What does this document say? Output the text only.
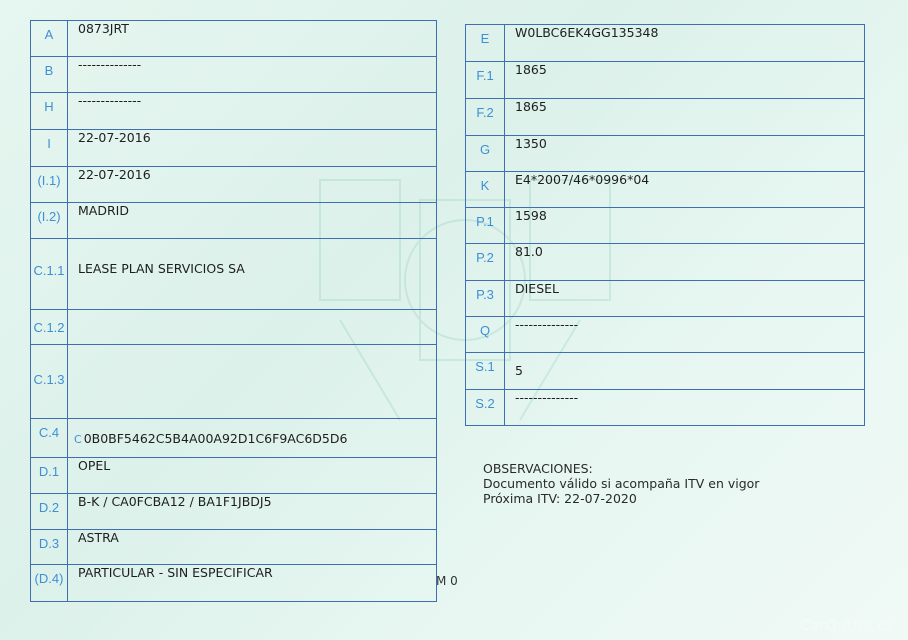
A	0873JRT
B	--------------
H	--------------
I	22-07-2016
(I.1)	22-07-2016
(I.2)	MADRID
C.1.1	LEASE PLAN SERVICIOS SA
C.1.2	
C.1.3	
C.4	C 0B0BF5462C5B4A00A92D1C6F9AC6D5D6
D.1	OPEL
D.2	B-K / CA0FCBA12 / BA1F1JBDJ5
D.3	ASTRA
(D.4)	PARTICULAR - SIN ESPECIFICAR
E	W0LBC6EK4GG135348
F.1	1865
F.2	1865
G	1350
K	E4*2007/46*0996*04
P.1	1598
P.2	81.0
P.3	DIESEL
Q	--------------
S.1	5
S.2	--------------
OBSERVACIONES:
Documento válido si acompaña ITV en vigor
Próxima ITV: 22-07-2020
M 0
CarOutlet.es
